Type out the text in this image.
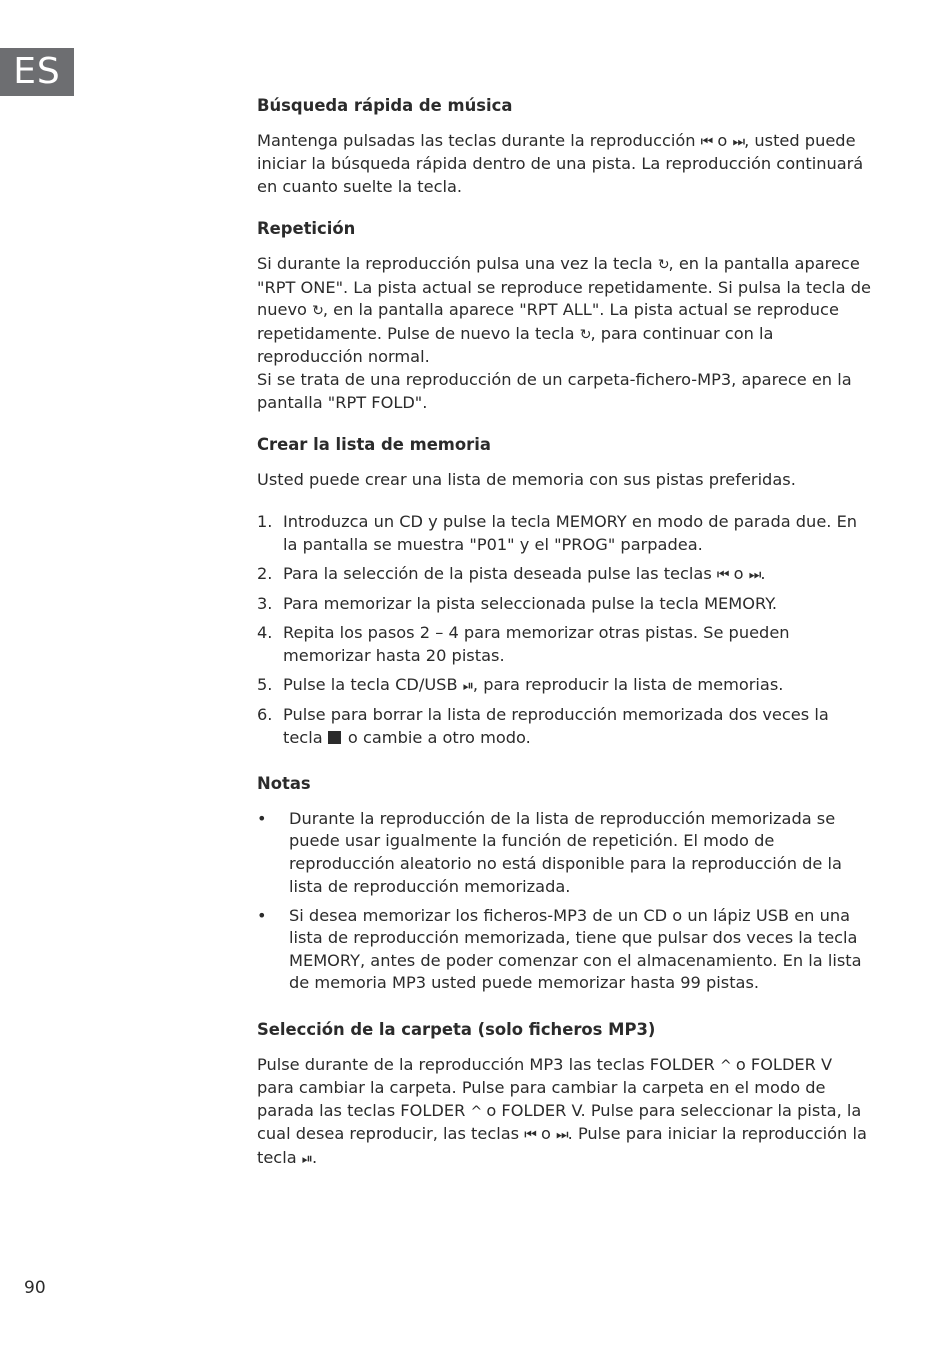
ES
Búsqueda rápida de música

Mantenga pulsadas las teclas durante la reproducción ⏮ o ⏭, usted puede iniciar la búsqueda rápida dentro de una pista. La reproducción continuará en cuanto suelte la tecla.

Repetición

Si durante la reproducción pulsa una vez la tecla ↻, en la pantalla aparece "RPT ONE". La pista actual se reproduce repetidamente. Si pulsa la tecla de nuevo ↻, en la pantalla aparece "RPT ALL". La pista actual se reproduce repetidamente. Pulse de nuevo la tecla ↻, para continuar con la reproducción normal.

Si se trata de una reproducción de un carpeta-fichero-MP3, aparece en la pantalla "RPT FOLD".

Crear la lista de memoria

Usted puede crear una lista de memoria con sus pistas preferidas.

1. Introduzca un CD y pulse la tecla MEMORY en modo de parada due. En la pantalla se muestra "P01" y el "PROG" parpadea.
2. Para la selección de la pista deseada pulse las teclas ⏮ o ⏭.
3. Para memorizar la pista seleccionada pulse la tecla MEMORY.
4. Repita los pasos 2 – 4 para memorizar otras pistas. Se pueden memorizar hasta 20 pistas.
5. Pulse la tecla CD/USB ⏯, para reproducir la lista de memorias.
6. Pulse para borrar la lista de reproducción memorizada dos veces la tecla  o cambie a otro modo.
Notas
• Durante la reproducción de la lista de reproducción memorizada se puede usar igualmente la función de repetición. El modo de reproducción aleatorio no está disponible para la reproducción de la lista de reproducción memorizada.
• Si desea memorizar los ficheros-MP3 de un CD o un lápiz USB en una lista de reproducción memorizada, tiene que pulsar dos veces la tecla MEMORY, antes de poder comenzar con el almacenamiento. En la lista de memoria MP3 usted puede memorizar hasta 99 pistas.
Selección de la carpeta (solo ficheros MP3)

Pulse durante de la reproducción MP3 las teclas FOLDER ^ o FOLDER V para cambiar la carpeta. Pulse para cambiar la carpeta en el modo de parada las teclas FOLDER ^ o FOLDER V. Pulse para seleccionar la pista, la cual desea reproducir, las teclas ⏮ o ⏭. Pulse para iniciar la reproducción la tecla ⏯.

90
